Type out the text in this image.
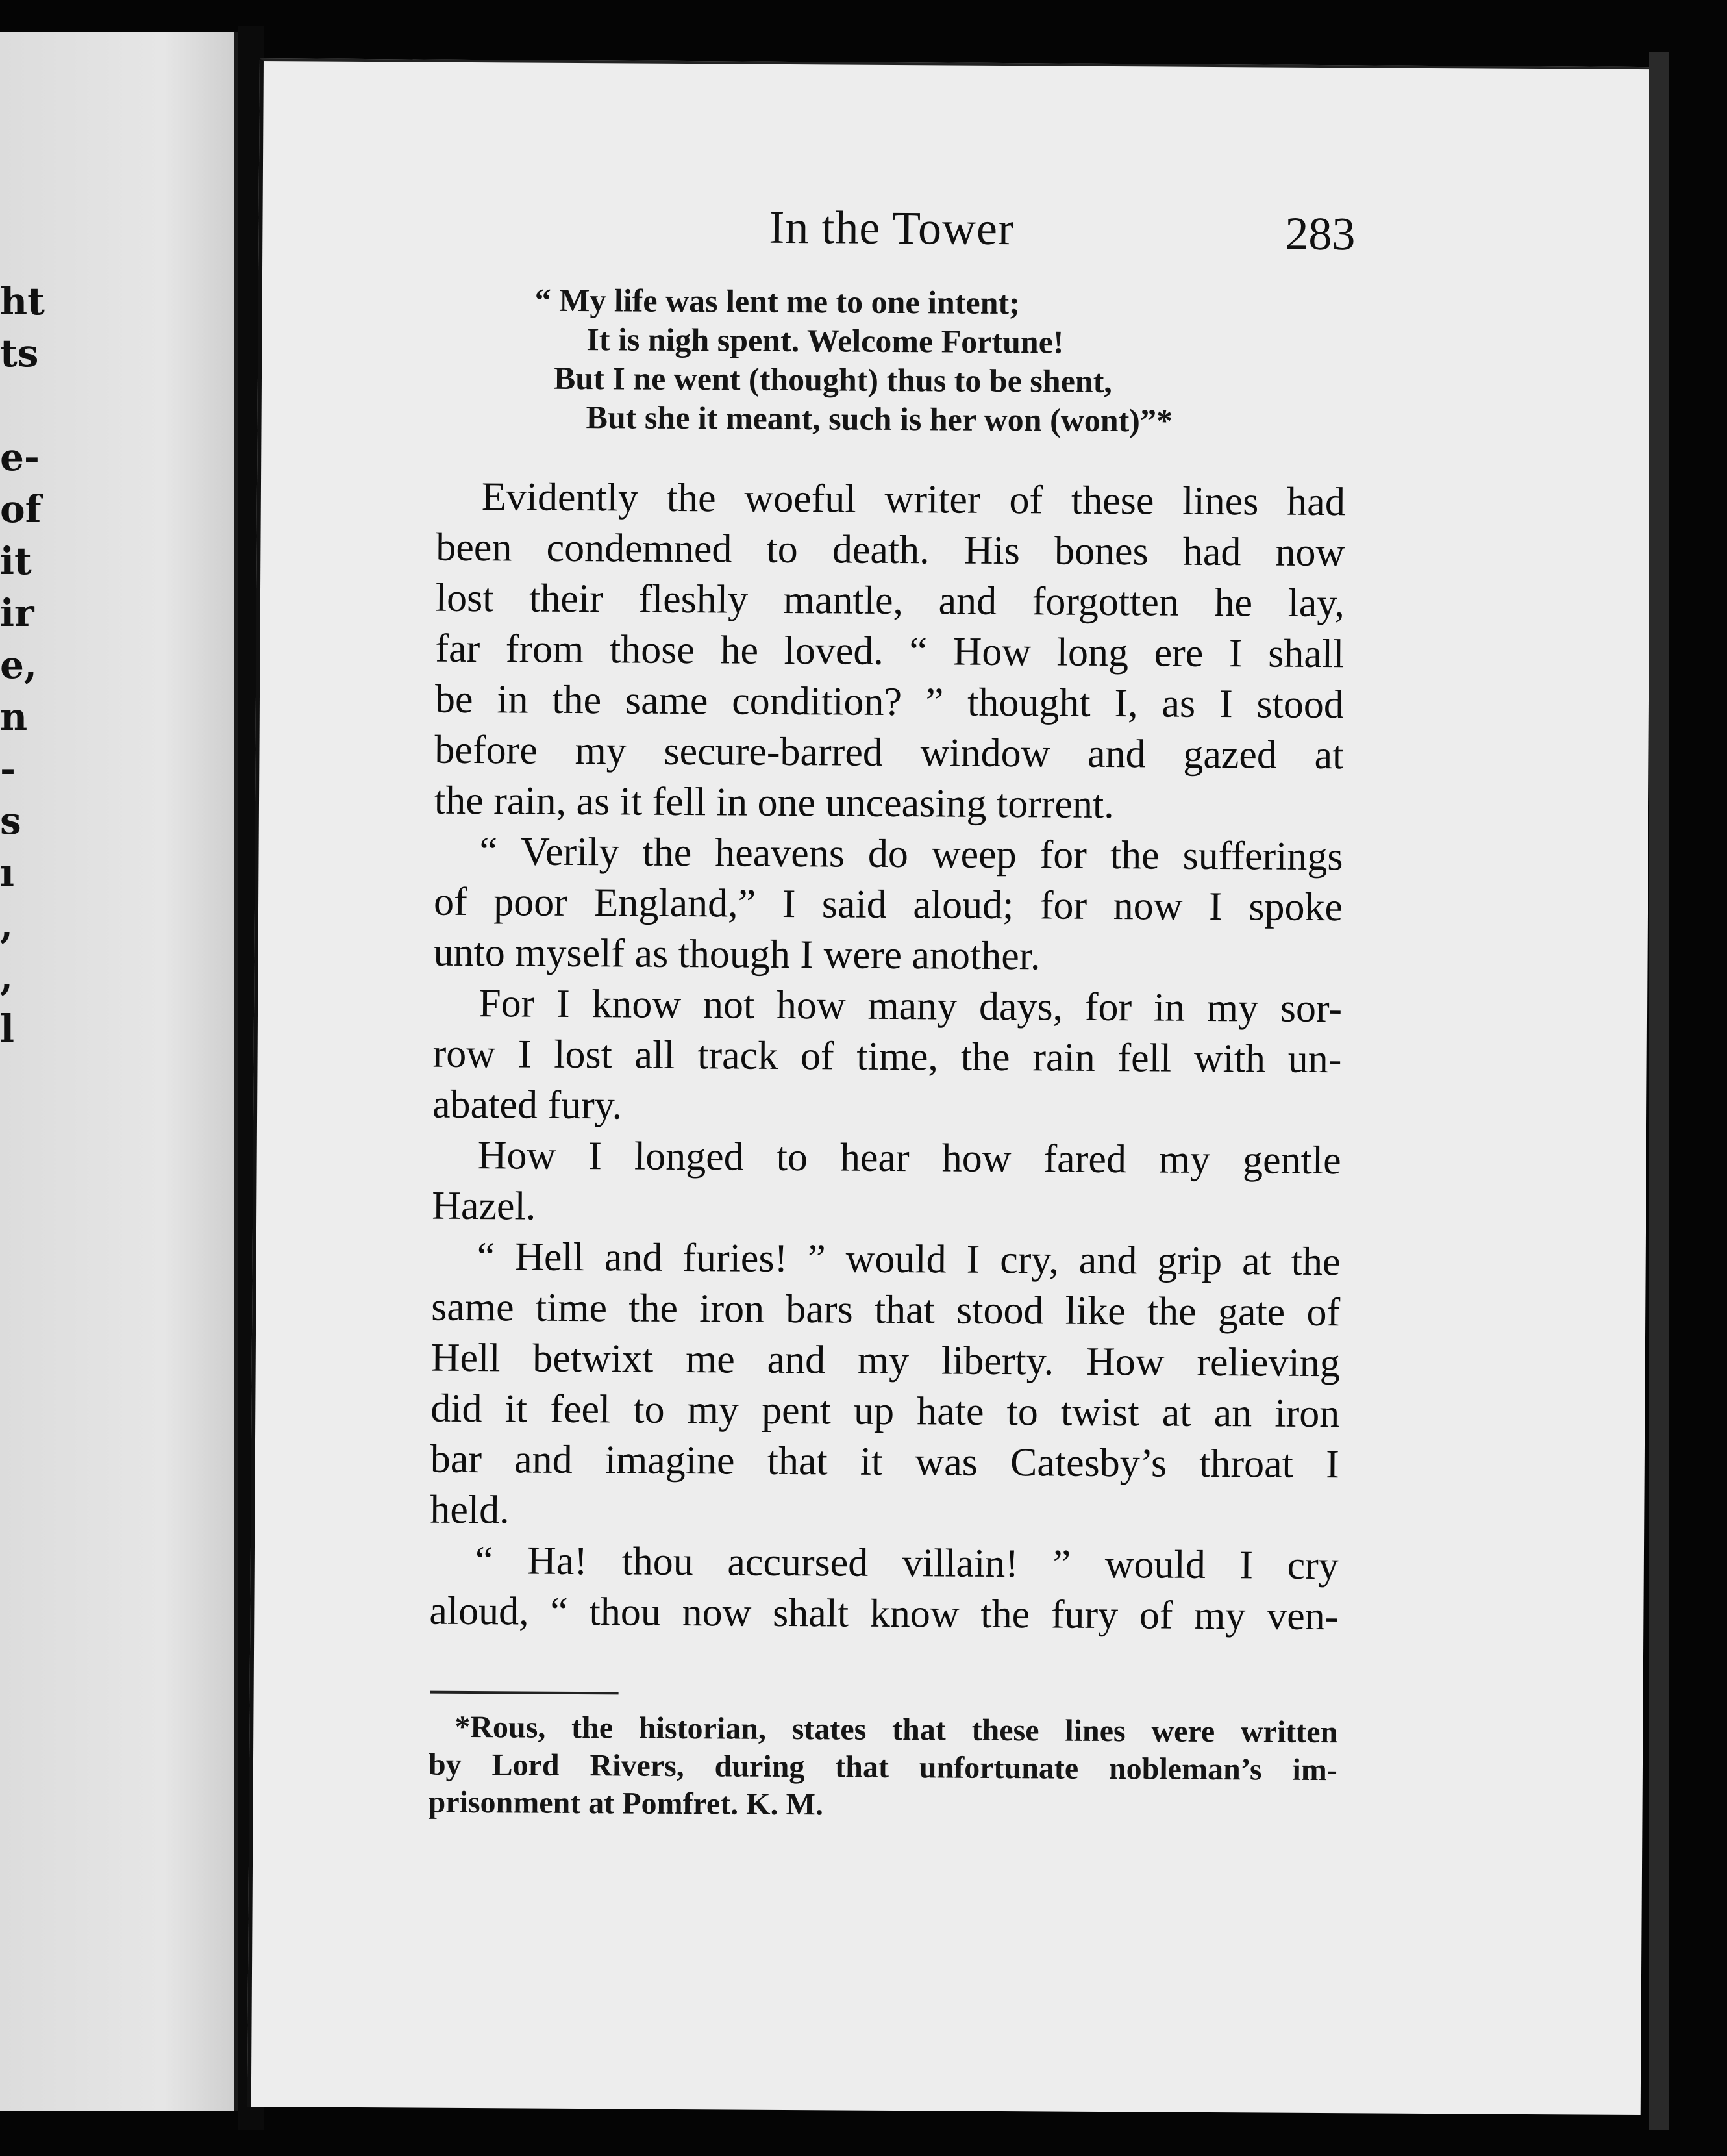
ht
ts
e-
of
it
ir
e,
n
-
s
ı
,
,
l
In the Tower	283
“ My life was lent me to one intent;
It is nigh spent. Welcome Fortune!
But I ne went (thought) thus to be shent,
But she it meant, such is her won (wont)”*
Evidently the woeful writer of these lines had
been condemned to death. His bones had now
lost their fleshly mantle, and forgotten he lay,
far from those he loved. “ How long ere I shall
be in the same condition? ” thought I, as I stood
before my secure-barred window and gazed at
the rain, as it fell in one unceasing torrent.
“ Verily the heavens do weep for the sufferings
of poor England,” I said aloud; for now I spoke
unto myself as though I were another.
For I know not how many days, for in my sor-
row I lost all track of time, the rain fell with un-
abated fury.
How I longed to hear how fared my gentle
Hazel.
“ Hell and furies! ” would I cry, and grip at the
same time the iron bars that stood like the gate of
Hell betwixt me and my liberty. How relieving
did it feel to my pent up hate to twist at an iron
bar and imagine that it was Catesby’s throat I
held.
“ Ha! thou accursed villain! ” would I cry
aloud, “ thou now shalt know the fury of my ven-
*Rous, the historian, states that these lines were written
by Lord Rivers, during that unfortunate nobleman’s im-
prisonment at Pomfret. K. M.
